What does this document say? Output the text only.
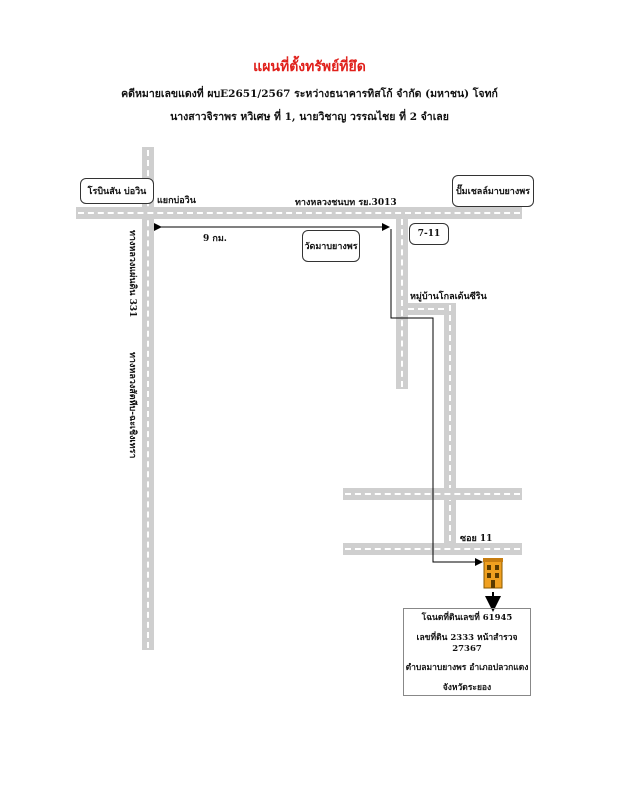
แผนที่ตั้งทรัพย์ที่ยึด
คดีหมายเลขแดงที่ ผบE2651/2567 ระหว่างธนาคารทิสโก้ จำกัด (มหาชน) โจทก์
นางสาวจิราพร หวิเศษ ที่ 1, นายวิชาญ วรรณไชย ที่ 2 จำเลย
โรบินสัน บ่อวิน	ปั๊มเชลล์มาบยางพร
7-11
วัดมาบยางพร
แยกบ่อวิน	ทางหลวงชนบท รย.3013
9 กม.
หมู่บ้านโกลเด้นซีริน
ซอย 11
ทางหลวงแผ่นดิน 331
ทางหลวงสัตหีบ-ฉะเชิงเทรา
โฉนดที่ดินเลขที่ 61945
เลขที่ดิน 2333 หน้าสำรวจ 27367
ตำบลมาบยางพร อำเภอปลวกแดง
จังหวัดระยอง
